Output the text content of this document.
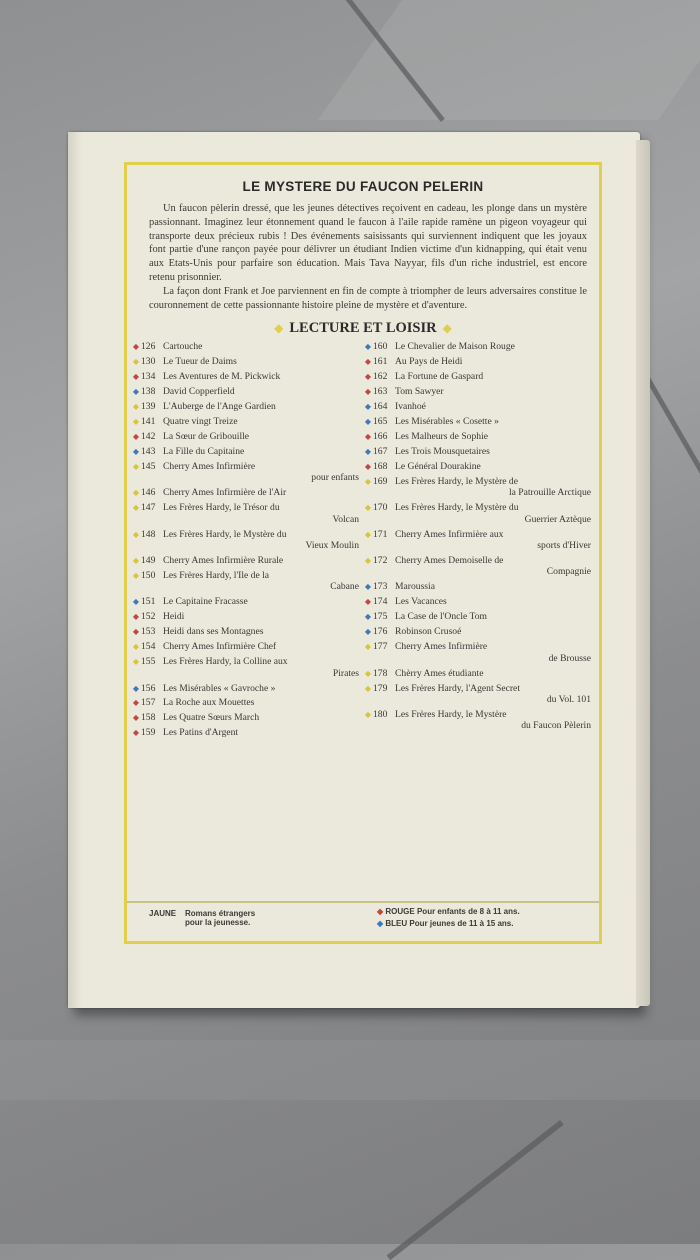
LE MYSTERE DU FAUCON PELERIN

Un faucon pèlerin dressé, que les jeunes détectives reçoivent en cadeau, les plonge dans un mystère passionnant. Imaginez leur étonnement quand le faucon à l'aile rapide ramène un pigeon voyageur qui transporte deux précieux rubis ! Des événements saisissants qui surviennent indiquent que les joyaux font partie d'une rançon payée pour délivrer un étudiant Indien victime d'un kidnapping, qui était venu aux Etats-Unis pour parfaire son éducation. Mais Tava Nayyar, fils d'un riche industriel, est encore retenu prisonnier.

La façon dont Frank et Joe parviennent en fin de compte à triompher de leurs adversaires constitue le couronnement de cette passionnante histoire pleine de mystère et d'aventure.

◆ LECTURE ET LOISIR ◆
◆ 126 Cartouche
◆ 130 Le Tueur de Daims
◆ 134 Les Aventures de M. Pickwick
◆ 138 David Copperfield
◆ 139 L'Auberge de l'Ange Gardien
◆ 141 Quatre vingt Treize
◆ 142 La Sœur de Gribouille
◆ 143 La Fille du Capitaine
◆ 145 Cherry Ames Infirmière
pour enfants
◆ 146 Cherry Ames Infirmière de l'Air
◆ 147 Les Frères Hardy, le Trésor du
Volcan
◆ 148 Les Frères Hardy, le Mystère du
Vieux Moulin
◆ 149 Cherry Ames Infirmière Rurale
◆ 150 Les Frères Hardy, l'Ile de la
Cabane
◆ 151 Le Capitaine Fracasse
◆ 152 Heidi
◆ 153 Heidi dans ses Montagnes
◆ 154 Cherry Ames Infirmière Chef
◆ 155 Les Frères Hardy, la Colline aux
Pirates
◆ 156 Les Misérables « Gavroche »
◆ 157 La Roche aux Mouettes
◆ 158 Les Quatre Sœurs March
◆ 159 Les Patins d'Argent
◆ 160 Le Chevalier de Maison Rouge
◆ 161 Au Pays de Heidi
◆ 162 La Fortune de Gaspard
◆ 163 Tom Sawyer
◆ 164 Ivanhoé
◆ 165 Les Misérables « Cosette »
◆ 166 Les Malheurs de Sophie
◆ 167 Les Trois Mousquetaires
◆ 168 Le Général Dourakine
◆ 169 Les Frères Hardy, le Mystère de
la Patrouille Arctique
◆ 170 Les Frères Hardy, le Mystère du
Guerrier Aztèque
◆ 171 Cherry Ames Infirmière aux
sports d'Hiver
◆ 172 Cherry Ames Demoiselle de
Compagnie
◆ 173 Maroussia
◆ 174 Les Vacances
◆ 175 La Case de l'Oncle Tom
◆ 176 Robinson Crusoé
◆ 177 Cherry Ames Infirmière
de Brousse
◆ 178 Chèrry Ames étudiante
◆ 179 Les Frères Hardy, l'Agent Secret
du Vol. 101
◆ 180 Les Frères Hardy, le Mystère
du Faucon Pèlerin
JAUNE	Romans étrangers
pour la jeunesse.
◆ ROUGE Pour enfants de 8 à 11 ans.
◆ BLEU Pour jeunes de 11 à 15 ans.
